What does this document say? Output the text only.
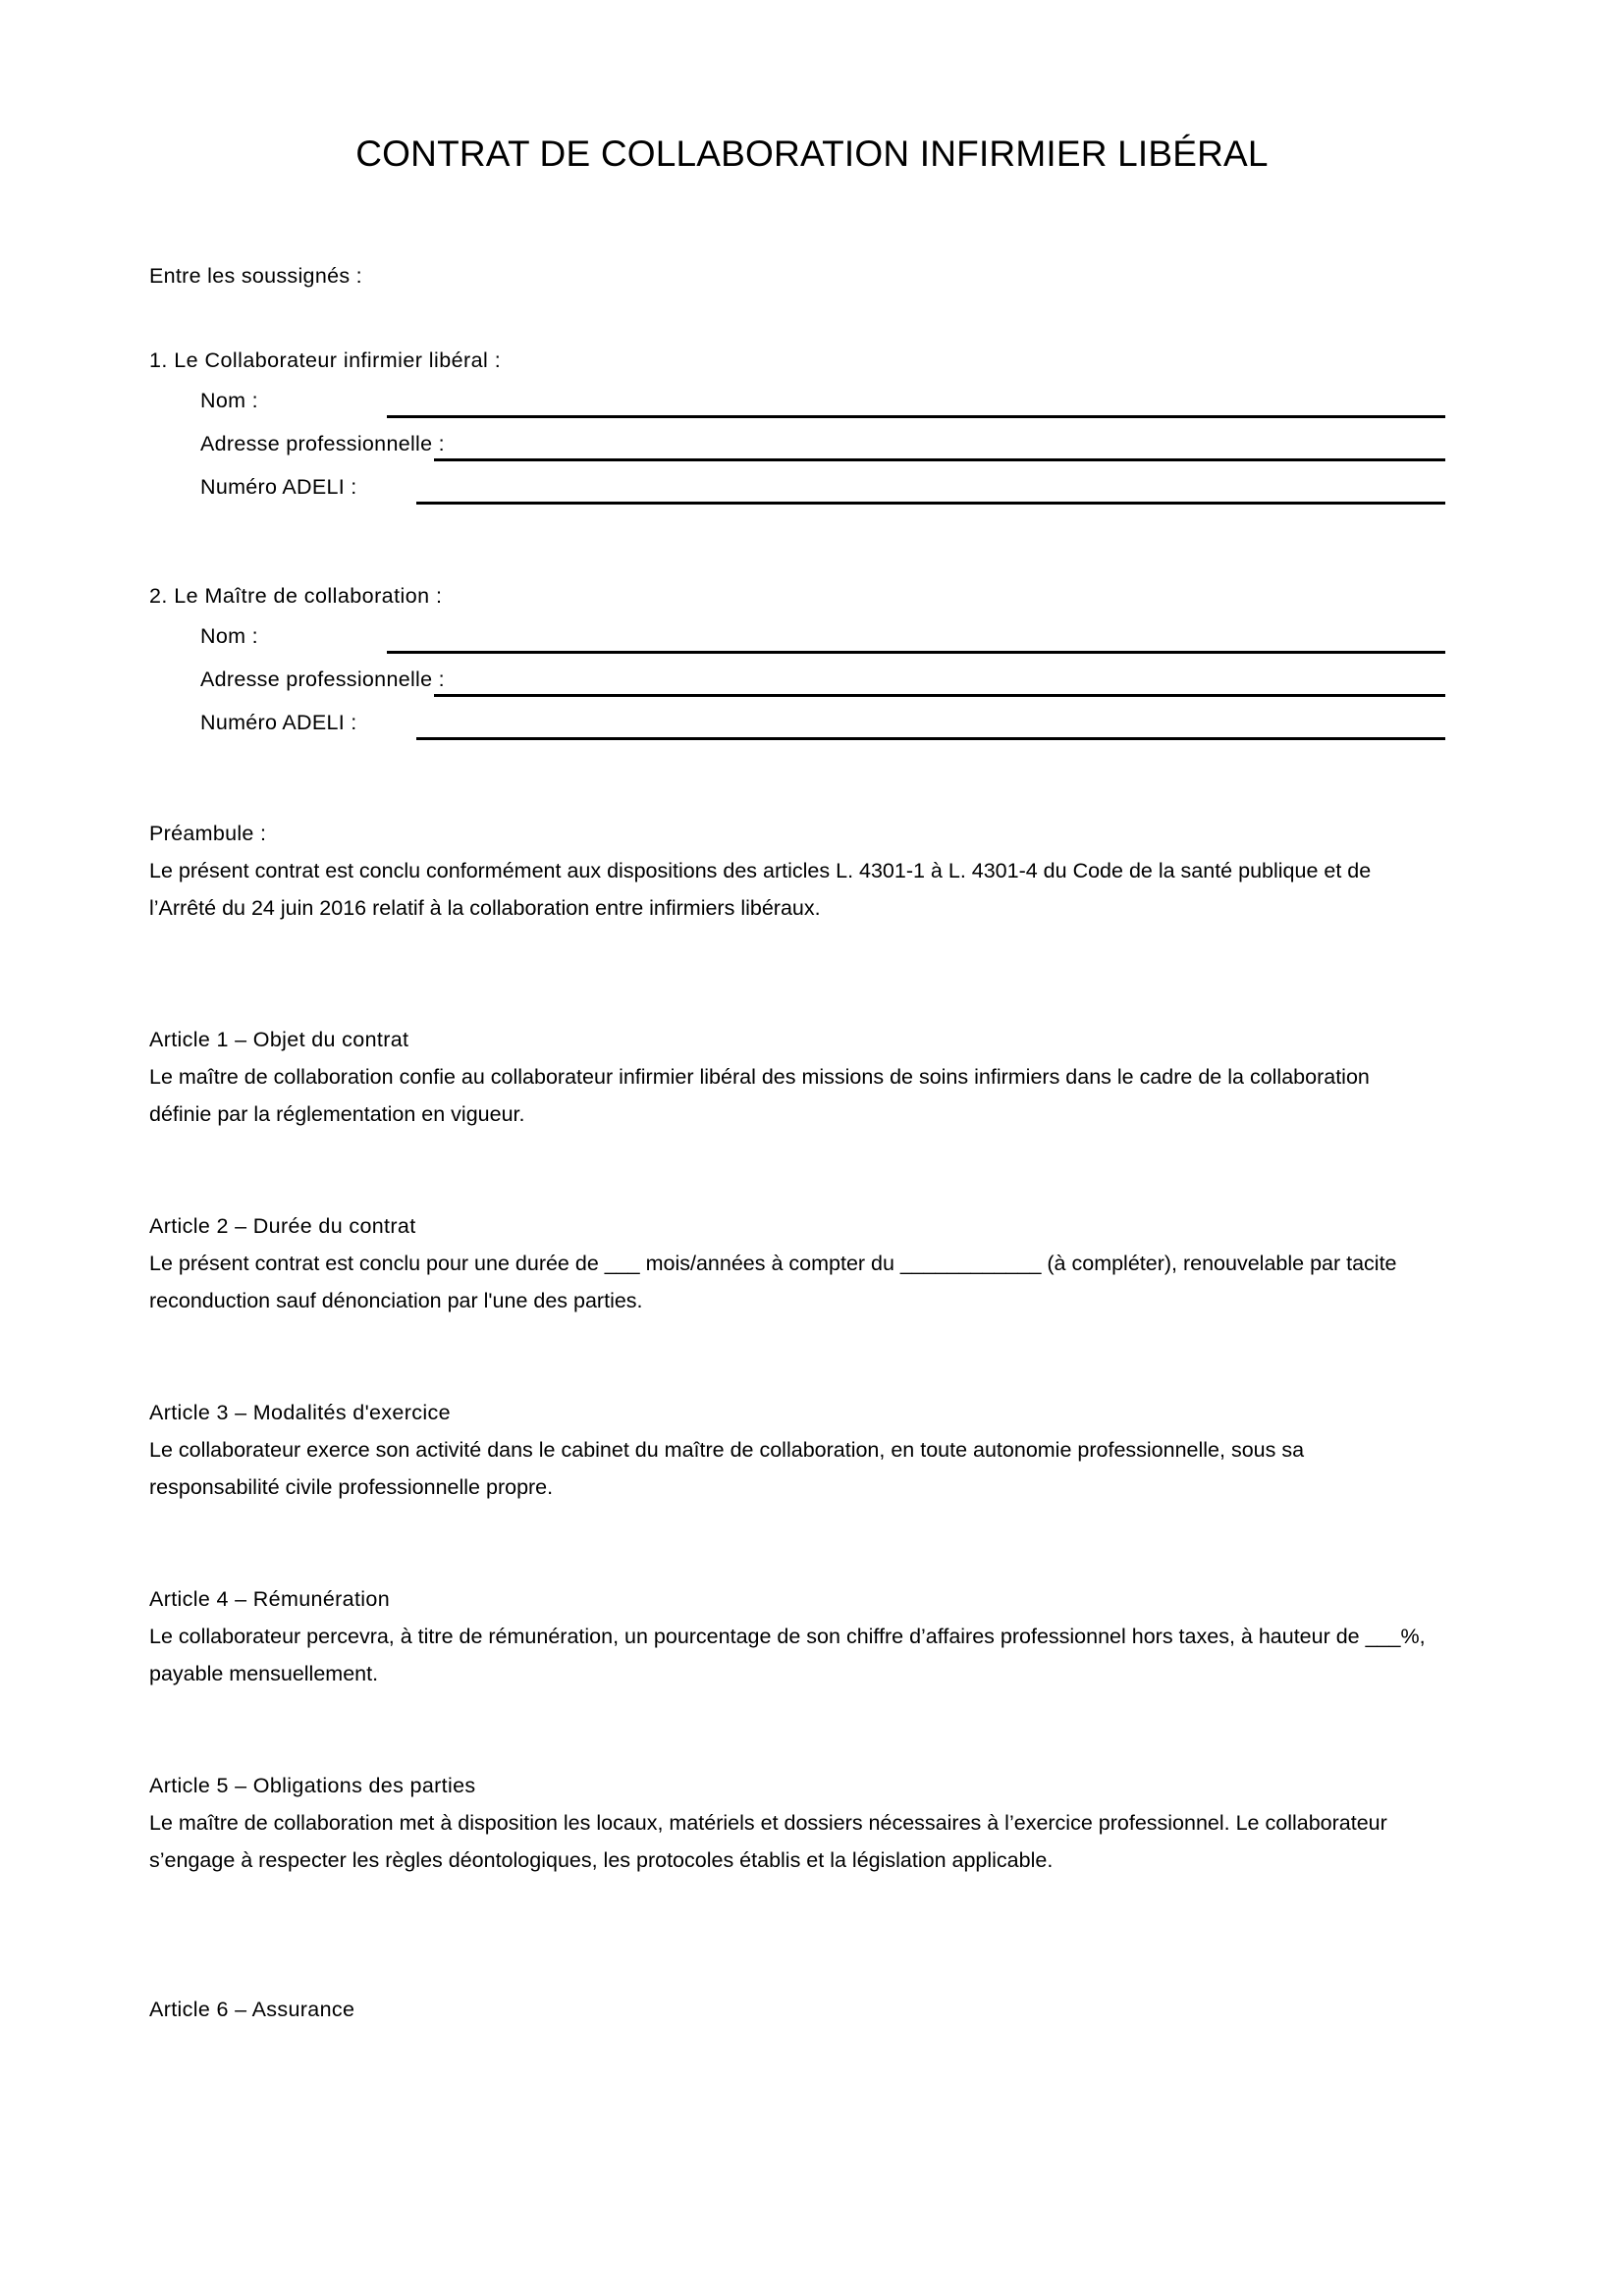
CONTRAT DE COLLABORATION INFIRMIER LIBÉRAL

Entre les soussignés :

1. Le Collaborateur infirmier libéral :

Nom :
Adresse professionnelle :
Numéro ADELI :

2. Le Maître de collaboration :

Nom :
Adresse professionnelle :
Numéro ADELI :

Préambule :

Le présent contrat est conclu conformément aux dispositions des articles L. 4301-1 à L. 4301-4 du Code de la santé publique et de l’Arrêté du 24 juin 2016 relatif à la collaboration entre infirmiers libéraux.

Article 1 – Objet du contrat

Le maître de collaboration confie au collaborateur infirmier libéral des missions de soins infirmiers dans le cadre de la collaboration définie par la réglementation en vigueur.

Article 2 – Durée du contrat

Le présent contrat est conclu pour une durée de ___ mois/années à compter du ____________ (à compléter), renouvelable par tacite reconduction sauf dénonciation par l'une des parties.

Article 3 – Modalités d'exercice

Le collaborateur exerce son activité dans le cabinet du maître de collaboration, en toute autonomie professionnelle, sous sa responsabilité civile professionnelle propre.

Article 4 – Rémunération

Le collaborateur percevra, à titre de rémunération, un pourcentage de son chiffre d’affaires professionnel hors taxes, à hauteur de ___%, payable mensuellement.

Article 5 – Obligations des parties

Le maître de collaboration met à disposition les locaux, matériels et dossiers nécessaires à l’exercice professionnel. Le collaborateur s’engage à respecter les règles déontologiques, les protocoles établis et la législation applicable.

Article 6 – Assurance
